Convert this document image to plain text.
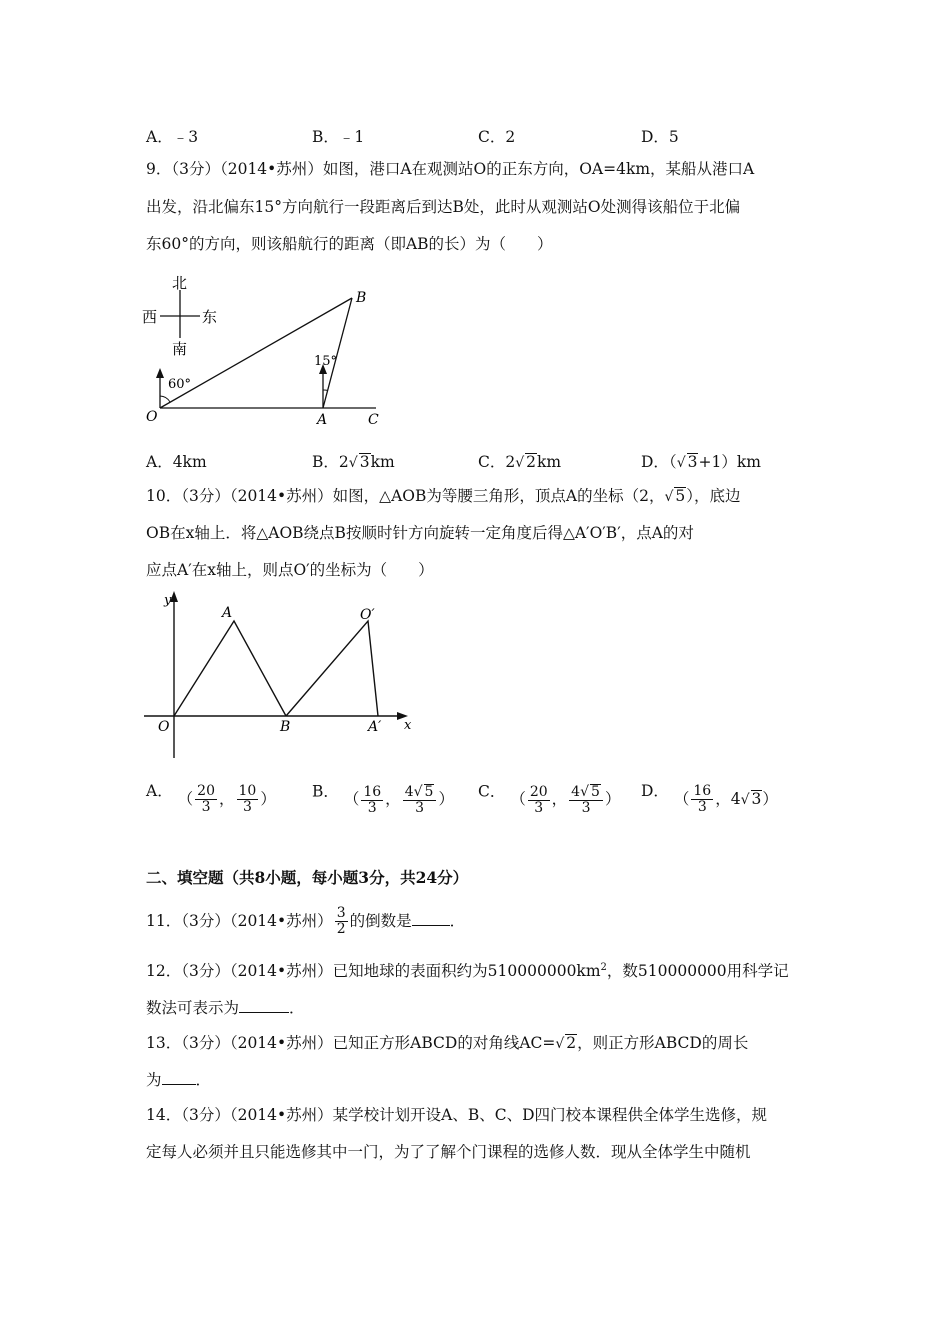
A．﹣3	B．﹣1	C．2	D．5
9．（3分）（2014•苏州）如图，港口A在观测站O的正东方向，OA=4km，某船从港口A
出发，沿北偏东15°方向航行一段距离后到达B处，此时从观测站O处测得该船位于北偏
东60°的方向，则该船航行的距离（即AB的长）为（　　）
北
西	东
南
60°
15°
O	A
B
C
A．4km	B．2√ 3km	C．2√ 2km	D．（√ 3+1）km
10．（3分）（2014•苏州）如图，△AOB为等腰三角形，顶点A的坐标（2，√ 5），底边
OB在x轴上．将△AOB绕点B按顺时针方向旋转一定角度后得△A′O′B′，点A的对
应点A′在x轴上，则点O′的坐标为（　　）
y
x
O
A
B
O′
A′
A． （ $\frac{20}{3}$ ， $\frac{10}{3}$ ） B． （ $\frac{16}{3}$ ， $\frac{4√ 5}{3}$ ） C． （ $\frac{20}{3}$ ， $\frac{4√ 5}{3}$ ） D． （ $\frac{16}{3}$ ，4√ 3）
二、填空题（共8小题，每小题3分，共24分）
11．（3分）（2014•苏州） $\frac{3}{2}$ 的倒数是 ．
12．（3分）（2014•苏州）已知地球的表面积约为$510000000km^2$，数510000000用科学记
数法可表示为	．
13．（3分）（2014•苏州）已知正方形ABCD的对角线AC=√ 2，则正方形ABCD的周长
为 ．
14．（3分）（2014•苏州）某学校计划开设A、B、C、D四门校本课程供全体学生选修，规
定每人必须并且只能选修其中一门，为了了解个门课程的选修人数．现从全体学生中随机
